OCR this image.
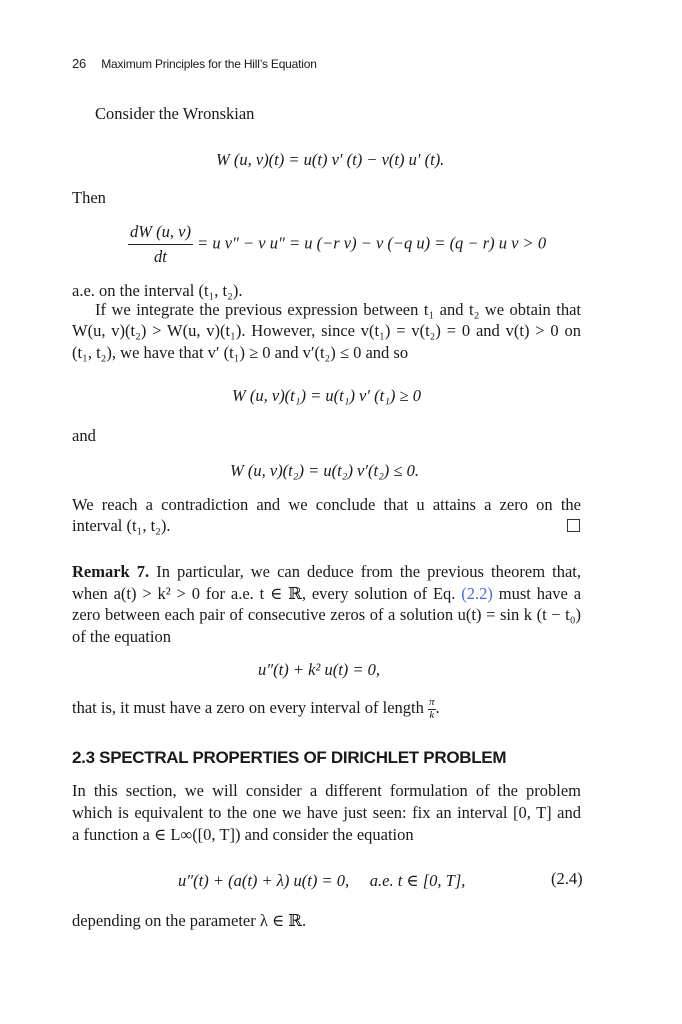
26 Maximum Principles for the Hill’s Equation
Consider the Wronskian
W (u, v)(t) = u(t) v′ (t) − v(t) u′ (t).
Then
$\frac{dW (u, v)}{dt} = u$ v″ − v u″ = u (−r v) − v (−q u) = (q − r) u v > 0
a.e. on the interval (t₁, t₂).
If we integrate the previous expression between t₁ and t₂ we obtain that
W(u, v)(t₂) > W(u, v)(t₁). However, since v(t₁) = v(t₂) = 0 and v(t) > 0 on
(t₁, t₂), we have that v′ (t₁) ≥ 0 and v′(t₂) ≤ 0 and so
W (u, v)(t₁) = u(t₁) v′ (t₁) ≥ 0
and
W (u, v)(t₂) = u(t₂) v′(t₂) ≤ 0.
We reach a contradiction and we conclude that u attains a zero on the
interval (t₁, t₂).
Remark 7. In particular, we can deduce from the previous theorem that,
when a(t) > k² > 0 for a.e. t ∈ ℝ, every solution of Eq. (2.2) must have a
zero between each pair of consecutive zeros of a solution u(t) = sin k (t − t₀)
of the equation
u″(t) + k² u(t) = 0,
that is, it must have a zero on every interval of length $\frac{\pi}{k}$ .
2.3 SPECTRAL PROPERTIES OF DIRICHLET PROBLEM
In this section, we will consider a different formulation of the problem
which is equivalent to the one we have just seen: fix an interval [0, T] and
a function a ∈ L∞([0, T]) and consider the equation
u″(t) + (a(t) + λ) u(t) = 0,     a.e. t ∈ [0, T],	(2.4)
depending on the parameter λ ∈ ℝ.
